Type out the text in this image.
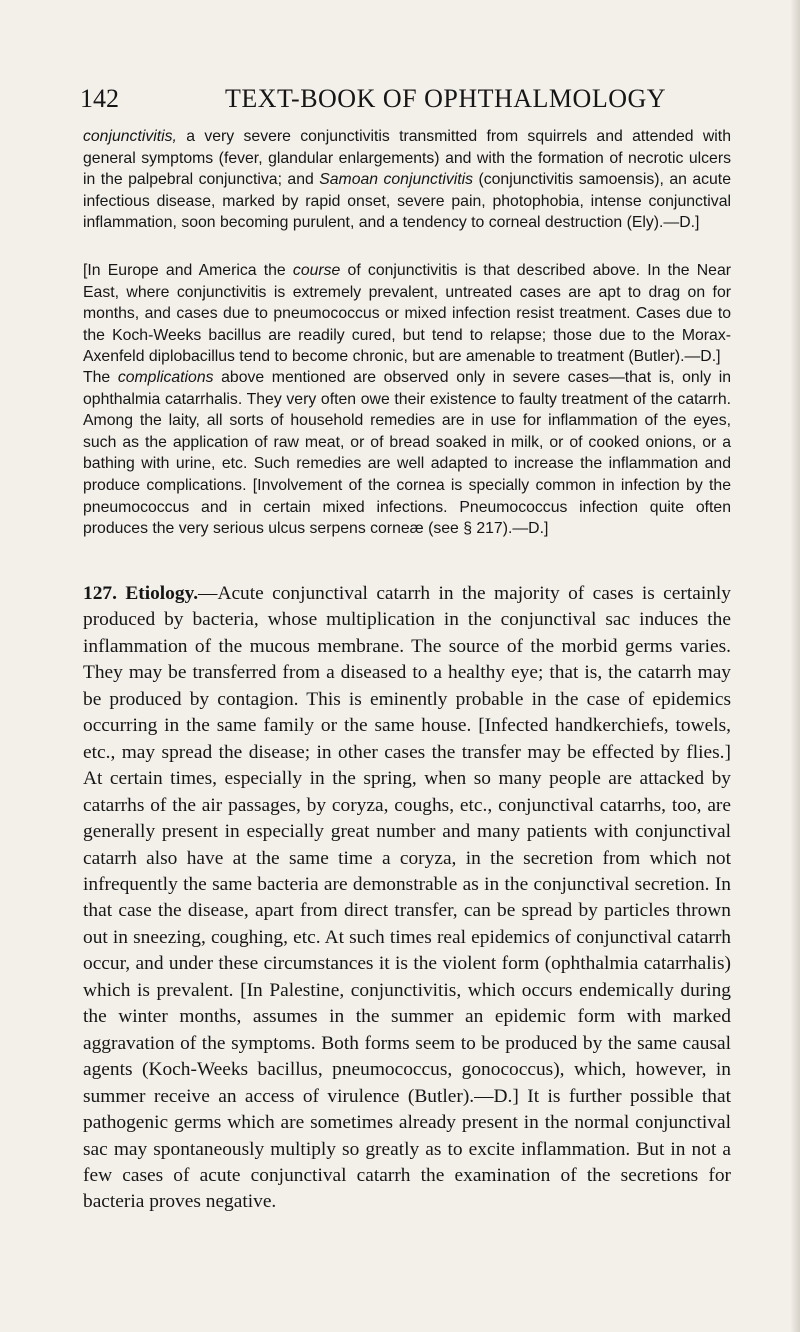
142	TEXT-BOOK OF OPHTHALMOLOGY

conjunctivitis, a very severe conjunctivitis transmitted from squirrels and attended with general symptoms (fever, glandular enlargements) and with the formation of necrotic ulcers in the palpebral conjunctiva; and Samoan conjunctivitis (conjunctivitis samoensis), an acute infectious disease, marked by rapid onset, severe pain, photophobia, intense conjunctival inflammation, soon becoming purulent, and a tendency to corneal destruction (Ely).—D.]

[In Europe and America the course of conjunctivitis is that described above. In the Near East, where conjunctivitis is extremely prevalent, untreated cases are apt to drag on for months, and cases due to pneumococcus or mixed infection resist treatment. Cases due to the Koch-Weeks bacillus are readily cured, but tend to relapse; those due to the Morax-Axenfeld diplobacillus tend to become chronic, but are amenable to treatment (Butler).—D.]

The complications above mentioned are observed only in severe cases—that is, only in ophthalmia catarrhalis. They very often owe their existence to faulty treatment of the catarrh. Among the laity, all sorts of household remedies are in use for inflammation of the eyes, such as the application of raw meat, or of bread soaked in milk, or of cooked onions, or a bathing with urine, etc. Such remedies are well adapted to increase the inflammation and produce complications. [Involvement of the cornea is specially common in infection by the pneumococcus and in certain mixed infections. Pneumococcus infection quite often produces the very serious ulcus serpens corneæ (see § 217).—D.]

127. Etiology.—Acute conjunctival catarrh in the majority of cases is certainly produced by bacteria, whose multiplication in the conjunctival sac induces the inflammation of the mucous membrane. The source of the morbid germs varies. They may be transferred from a diseased to a healthy eye; that is, the catarrh may be produced by contagion. This is eminently probable in the case of epidemics occurring in the same family or the same house. [Infected handkerchiefs, towels, etc., may spread the disease; in other cases the transfer may be effected by flies.] At certain times, especially in the spring, when so many people are attacked by catarrhs of the air passages, by coryza, coughs, etc., conjunctival catarrhs, too, are generally present in especially great number and many patients with conjunctival catarrh also have at the same time a coryza, in the secretion from which not infrequently the same bacteria are demonstrable as in the conjunctival secretion. In that case the disease, apart from direct transfer, can be spread by particles thrown out in sneezing, coughing, etc. At such times real epidemics of conjunctival catarrh occur, and under these circumstances it is the violent form (ophthalmia catarrhalis) which is prevalent. [In Palestine, conjunctivitis, which occurs endemically during the winter months, assumes in the summer an epidemic form with marked aggravation of the symptoms. Both forms seem to be produced by the same causal agents (Koch-Weeks bacillus, pneumococcus, gonococcus), which, however, in summer receive an access of virulence (Butler).—D.] It is further possible that pathogenic germs which are sometimes already present in the normal conjunctival sac may spontaneously multiply so greatly as to excite inflammation. But in not a few cases of acute conjunctival catarrh the examination of the secretions for bacteria proves negative.
